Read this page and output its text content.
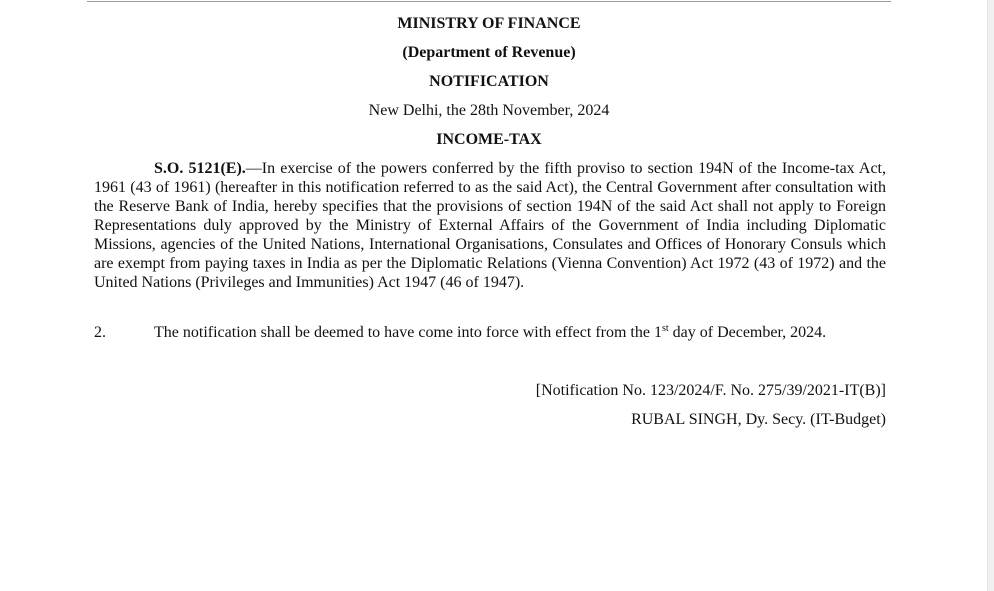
MINISTRY OF FINANCE
(Department of Revenue)
NOTIFICATION
New Delhi, the 28th November, 2024
INCOME-TAX
S.O. 5121(E).—In exercise of the powers conferred by the fifth proviso to section 194N of the Income-tax Act, 1961 (43 of 1961) (hereafter in this notification referred to as the said Act), the Central Government after consultation with the Reserve Bank of India, hereby specifies that the provisions of section 194N of the said Act shall not apply to Foreign Representations duly approved by the Ministry of External Affairs of the Government of India including Diplomatic Missions, agencies of the United Nations, International Organisations, Consulates and Offices of Honorary Consuls which are exempt from paying taxes in India as per the Diplomatic Relations (Vienna Convention) Act 1972 (43 of 1972) and the United Nations (Privileges and Immunities) Act 1947 (46 of 1947).
2.	The notification shall be deemed to have come into force with effect from the 1st day of December, 2024.
[Notification No. 123/2024/F. No. 275/39/2021-IT(B)]
RUBAL SINGH, Dy. Secy. (IT-Budget)
